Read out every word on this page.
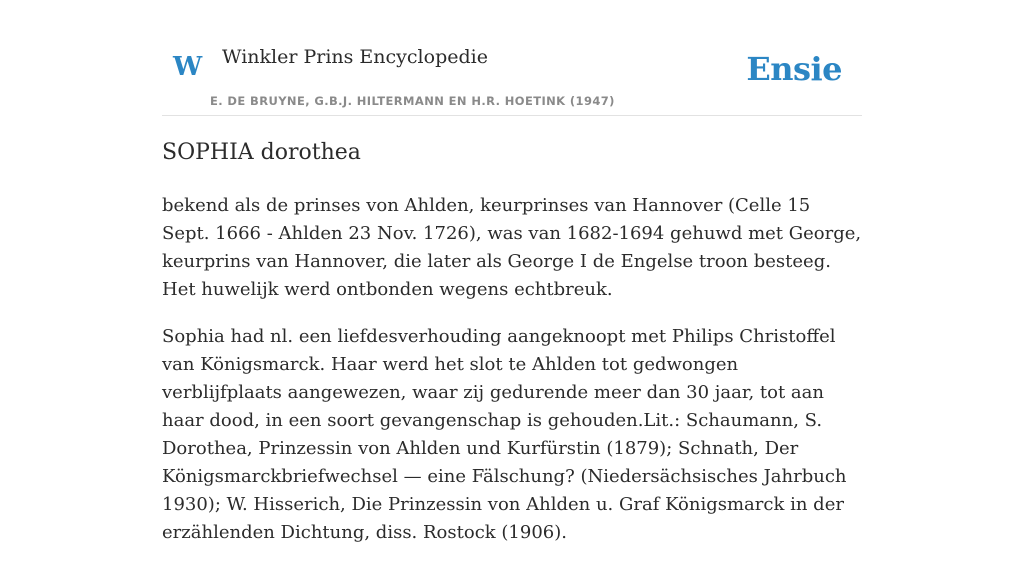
W Winkler Prins Encyclopedie
E. DE BRUYNE, G.B.J. HILTERMANN EN H.R. HOETINK (1947)
Ensie
SOPHIA dorothea

bekend als de prinses von Ahlden, keurprinses van Hannover (Celle 15 Sept. 1666 - Ahlden 23 Nov. 1726), was van 1682-1694 gehuwd met George, keurprins van Hannover, die later als George I de Engelse troon besteeg. Het huwelijk werd ontbonden wegens echtbreuk.

Sophia had nl. een liefdesverhouding aangeknoopt met Philips Christoffel van Königsmarck. Haar werd het slot te Ahlden tot gedwongen verblijfplaats aangewezen, waar zij gedurende meer dan 30 jaar, tot aan haar dood, in een soort gevangenschap is gehouden.Lit.: Schaumann, S. Dorothea, Prinzessin von Ahlden und Kurfürstin (1879); Schnath, Der Königsmarckbriefwechsel — eine Fälschung? (Niedersächsisches Jahrbuch 1930); W. Hisserich, Die Prinzessin von Ahlden u. Graf Königsmarck in der erzählenden Dichtung, diss. Rostock (1906).
